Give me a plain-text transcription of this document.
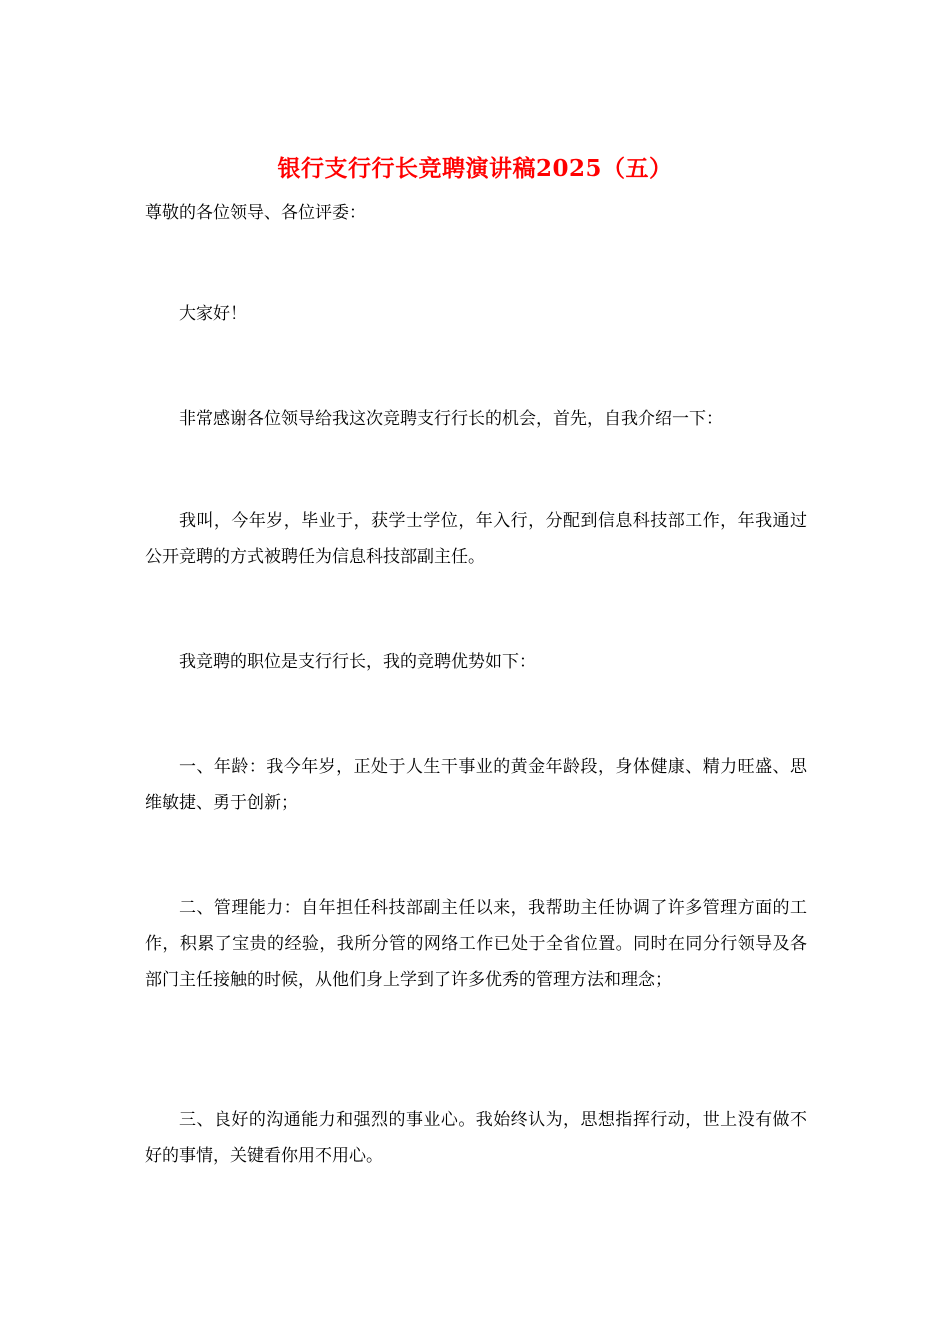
银行支行行长竞聘演讲稿2025（五）

尊敬的各位领导、各位评委：

大家好！

非常感谢各位领导给我这次竞聘支行行长的机会，首先，自我介绍一下：

我叫，今年岁，毕业于，获学士学位，年入行，分配到信息科技部工作，年我通过公开竞聘的方式被聘任为信息科技部副主任。

我竞聘的职位是支行行长，我的竞聘优势如下：

一、年龄：我今年岁，正处于人生干事业的黄金年龄段，身体健康、精力旺盛、思维敏捷、勇于创新；

二、管理能力：自年担任科技部副主任以来，我帮助主任协调了许多管理方面的工作，积累了宝贵的经验，我所分管的网络工作已处于全省位置。同时在同分行领导及各部门主任接触的时候，从他们身上学到了许多优秀的管理方法和理念；

三、良好的沟通能力和强烈的事业心。我始终认为，思想指挥行动，世上没有做不好的事情，关键看你用不用心。
